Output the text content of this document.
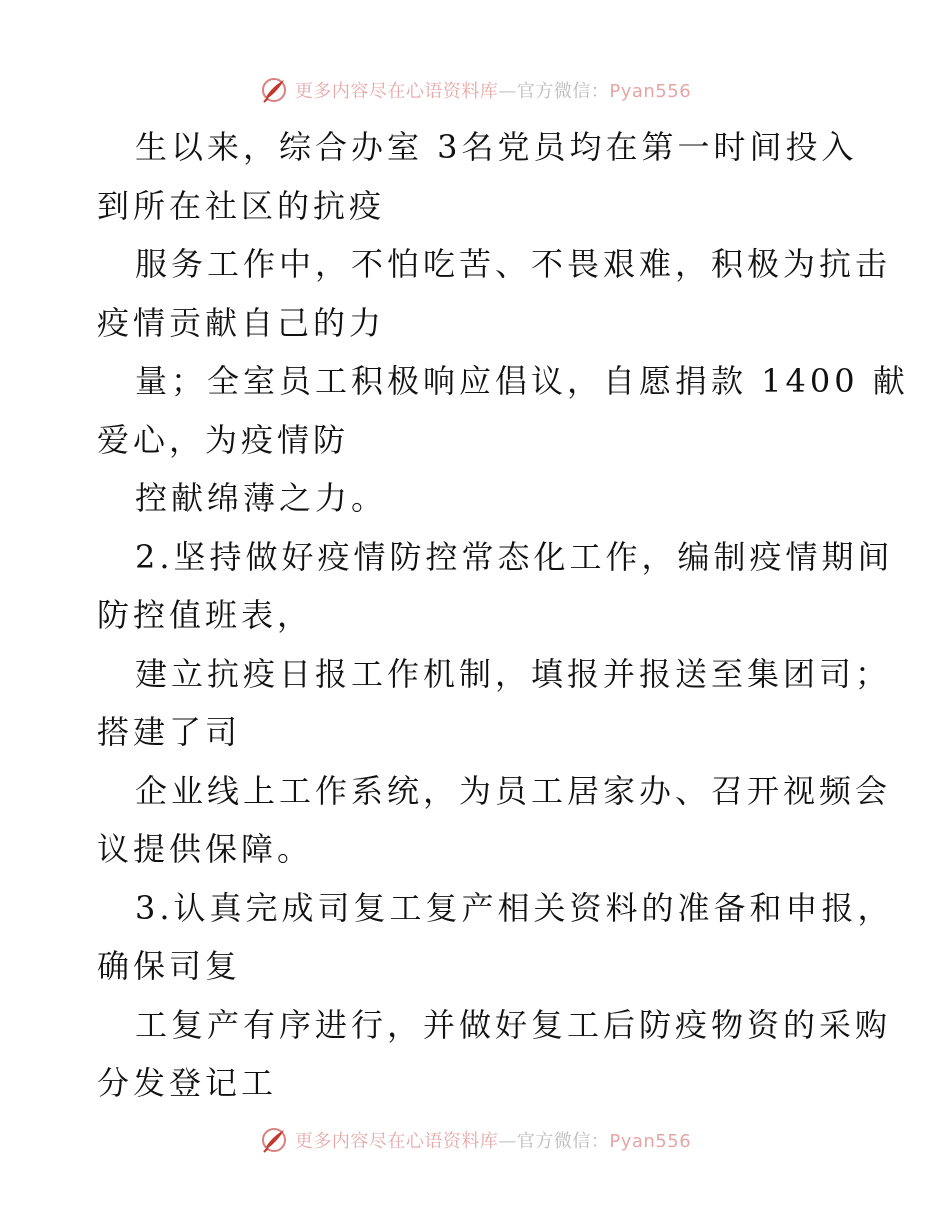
更多内容尽在心语资料库—官方微信：Pyan556

生以来，综合办室 3名党员均在第一时间投入
到所在社区的抗疫

服务工作中，不怕吃苦、不畏艰难，积极为抗击
疫情贡献自己的力

量；全室员工积极响应倡议，自愿捐款 1400 献
爱心，为疫情防

控献绵薄之力。

2.坚持做好疫情防控常态化工作，编制疫情期间
防控值班表，

建立抗疫日报工作机制，填报并报送至集团司；
搭建了司

企业线上工作系统，为员工居家办、召开视频会
议提供保障。

3.认真完成司复工复产相关资料的准备和申报，
确保司复

工复产有序进行，并做好复工后防疫物资的采购
分发登记工

更多内容尽在心语资料库—官方微信：Pyan556
